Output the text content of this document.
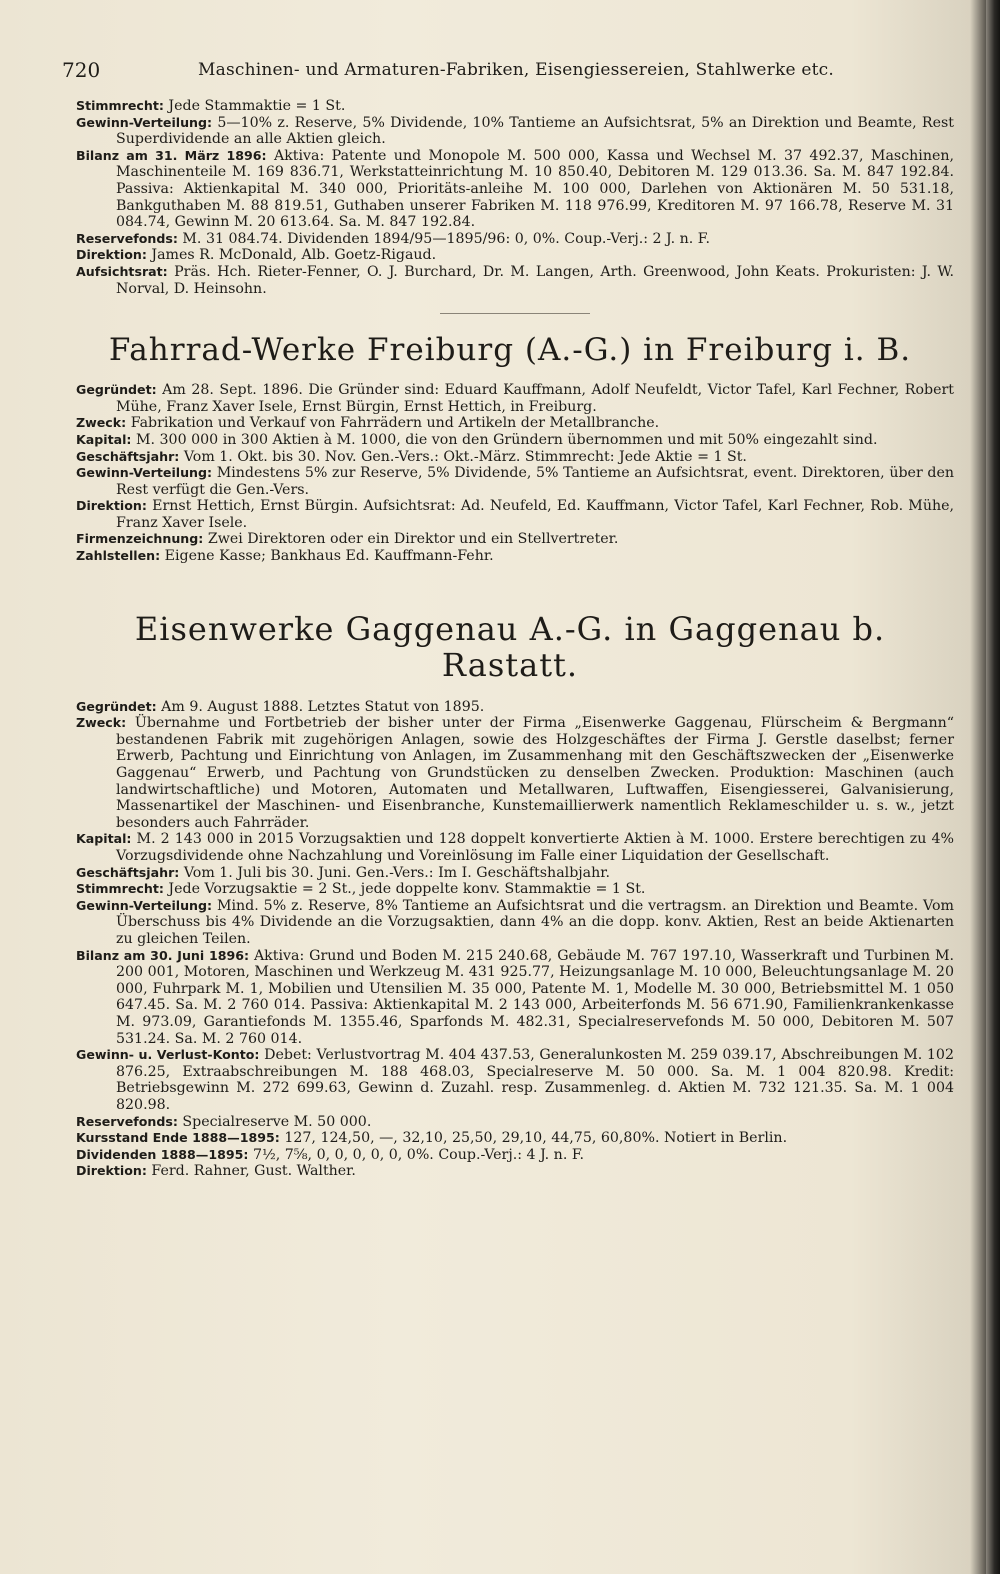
720	Maschinen- und Armaturen-Fabriken, Eisengiessereien, Stahlwerke etc.

Stimmrecht: Jede Stammaktie = 1 St.

Gewinn-Verteilung: 5—10% z. Reserve, 5% Dividende, 10% Tantieme an Aufsichtsrat, 5% an Direktion und Beamte, Rest Superdividende an alle Aktien gleich.

Bilanz am 31. März 1896: Aktiva: Patente und Monopole M. 500 000, Kassa und Wechsel M. 37 492.37, Maschinen, Maschinenteile M. 169 836.71, Werkstatteinrichtung M. 10 850.40, Debitoren M. 129 013.36. Sa. M. 847 192.84. Passiva: Aktienkapital M. 340 000, Prioritäts-anleihe M. 100 000, Darlehen von Aktionären M. 50 531.18, Bankguthaben M. 88 819.51, Guthaben unserer Fabriken M. 118 976.99, Kreditoren M. 97 166.78, Reserve M. 31 084.74, Gewinn M. 20 613.64. Sa. M. 847 192.84.

Reservefonds: M. 31 084.74. Dividenden 1894/95—1895/96: 0, 0%. Coup.-Verj.: 2 J. n. F.

Direktion: James R. McDonald, Alb. Goetz-Rigaud.

Aufsichtsrat: Präs. Hch. Rieter-Fenner, O. J. Burchard, Dr. M. Langen, Arth. Greenwood, John Keats. Prokuristen: J. W. Norval, D. Heinsohn.

Fahrrad-Werke Freiburg (A.-G.) in Freiburg i. B.

Gegründet: Am 28. Sept. 1896. Die Gründer sind: Eduard Kauffmann, Adolf Neufeldt, Victor Tafel, Karl Fechner, Robert Mühe, Franz Xaver Isele, Ernst Bürgin, Ernst Hettich, in Freiburg.

Zweck: Fabrikation und Verkauf von Fahrrädern und Artikeln der Metallbranche.

Kapital: M. 300 000 in 300 Aktien à M. 1000, die von den Gründern übernommen und mit 50% eingezahlt sind.

Geschäftsjahr: Vom 1. Okt. bis 30. Nov. Gen.-Vers.: Okt.-März. Stimmrecht: Jede Aktie = 1 St.

Gewinn-Verteilung: Mindestens 5% zur Reserve, 5% Dividende, 5% Tantieme an Aufsichtsrat, event. Direktoren, über den Rest verfügt die Gen.-Vers.

Direktion: Ernst Hettich, Ernst Bürgin. Aufsichtsrat: Ad. Neufeld, Ed. Kauffmann, Victor Tafel, Karl Fechner, Rob. Mühe, Franz Xaver Isele.

Firmenzeichnung: Zwei Direktoren oder ein Direktor und ein Stellvertreter.

Zahlstellen: Eigene Kasse; Bankhaus Ed. Kauffmann-Fehr.

Eisenwerke Gaggenau A.-G. in Gaggenau b. Rastatt.

Gegründet: Am 9. August 1888. Letztes Statut von 1895.

Zweck: Übernahme und Fortbetrieb der bisher unter der Firma „Eisenwerke Gaggenau, Flürscheim & Bergmann“ bestandenen Fabrik mit zugehörigen Anlagen, sowie des Holzgeschäftes der Firma J. Gerstle daselbst; ferner Erwerb, Pachtung und Einrichtung von Anlagen, im Zusammenhang mit den Geschäftszwecken der „Eisenwerke Gaggenau“ Erwerb, und Pachtung von Grundstücken zu denselben Zwecken. Produktion: Maschinen (auch landwirtschaftliche) und Motoren, Automaten und Metallwaren, Luftwaffen, Eisengiesserei, Galvanisierung, Massenartikel der Maschinen- und Eisenbranche, Kunstemaillierwerk namentlich Reklameschilder u. s. w., jetzt besonders auch Fahrräder.

Kapital: M. 2 143 000 in 2015 Vorzugsaktien und 128 doppelt konvertierte Aktien à M. 1000. Erstere berechtigen zu 4% Vorzugsdividende ohne Nachzahlung und Voreinlösung im Falle einer Liquidation der Gesellschaft.

Geschäftsjahr: Vom 1. Juli bis 30. Juni. Gen.-Vers.: Im I. Geschäftshalbjahr.

Stimmrecht: Jede Vorzugsaktie = 2 St., jede doppelte konv. Stammaktie = 1 St.

Gewinn-Verteilung: Mind. 5% z. Reserve, 8% Tantieme an Aufsichtsrat und die vertragsm. an Direktion und Beamte. Vom Überschuss bis 4% Dividende an die Vorzugsaktien, dann 4% an die dopp. konv. Aktien, Rest an beide Aktienarten zu gleichen Teilen.

Bilanz am 30. Juni 1896: Aktiva: Grund und Boden M. 215 240.68, Gebäude M. 767 197.10, Wasserkraft und Turbinen M. 200 001, Motoren, Maschinen und Werkzeug M. 431 925.77, Heizungsanlage M. 10 000, Beleuchtungsanlage M. 20 000, Fuhrpark M. 1, Mobilien und Utensilien M. 35 000, Patente M. 1, Modelle M. 30 000, Betriebsmittel M. 1 050 647.45. Sa. M. 2 760 014. Passiva: Aktienkapital M. 2 143 000, Arbeiterfonds M. 56 671.90, Familienkrankenkasse M. 973.09, Garantiefonds M. 1355.46, Sparfonds M. 482.31, Specialreservefonds M. 50 000, Debitoren M. 507 531.24. Sa. M. 2 760 014.

Gewinn- u. Verlust-Konto: Debet: Verlustvortrag M. 404 437.53, Generalunkosten M. 259 039.17, Abschreibungen M. 102 876.25, Extraabschreibungen M. 188 468.03, Specialreserve M. 50 000. Sa. M. 1 004 820.98. Kredit: Betriebsgewinn M. 272 699.63, Gewinn d. Zuzahl. resp. Zusammenleg. d. Aktien M. 732 121.35. Sa. M. 1 004 820.98.

Reservefonds: Specialreserve M. 50 000.

Kursstand Ende 1888—1895: 127, 124,50, —, 32,10, 25,50, 29,10, 44,75, 60,80%. Notiert in Berlin.

Dividenden 1888—1895: 7½, 7⅝, 0, 0, 0, 0, 0, 0%. Coup.-Verj.: 4 J. n. F.

Direktion: Ferd. Rahner, Gust. Walther.
